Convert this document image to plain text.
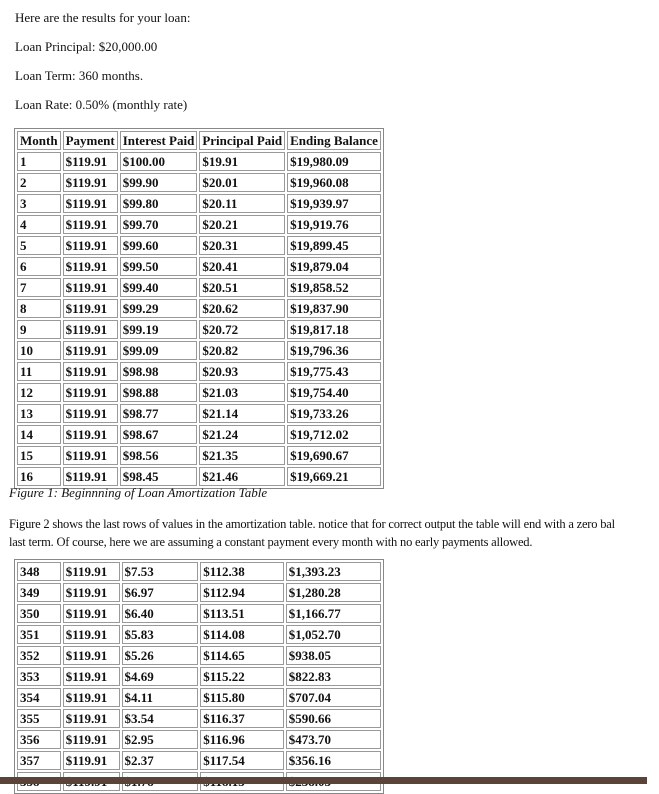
Here are the results for your loan:
Loan Principal: $20,000.00
Loan Term: 360 months.
Loan Rate: 0.50% (monthly rate)
Month	Payment	Interest Paid	Principal Paid	Ending Balance
1	$119.91	$100.00	$19.91	$19,980.09
2	$119.91	$99.90	$20.01	$19,960.08
3	$119.91	$99.80	$20.11	$19,939.97
4	$119.91	$99.70	$20.21	$19,919.76
5	$119.91	$99.60	$20.31	$19,899.45
6	$119.91	$99.50	$20.41	$19,879.04
7	$119.91	$99.40	$20.51	$19,858.52
8	$119.91	$99.29	$20.62	$19,837.90
9	$119.91	$99.19	$20.72	$19,817.18
10	$119.91	$99.09	$20.82	$19,796.36
11	$119.91	$98.98	$20.93	$19,775.43
12	$119.91	$98.88	$21.03	$19,754.40
13	$119.91	$98.77	$21.14	$19,733.26
14	$119.91	$98.67	$21.24	$19,712.02
15	$119.91	$98.56	$21.35	$19,690.67
16	$119.91	$98.45	$21.46	$19,669.21
Figure 1: Beginnning of Loan Amortization Table
Figure 2 shows the last rows of values in the amortization table. notice that for correct output the table will end with a zero bal
last term. Of course, here we are assuming a constant payment every month with no early payments allowed.
348	$119.91	$7.53	$112.38	$1,393.23
349	$119.91	$6.97	$112.94	$1,280.28
350	$119.91	$6.40	$113.51	$1,166.77
351	$119.91	$5.83	$114.08	$1,052.70
352	$119.91	$5.26	$114.65	$938.05
353	$119.91	$4.69	$115.22	$822.83
354	$119.91	$4.11	$115.80	$707.04
355	$119.91	$3.54	$116.37	$590.66
356	$119.91	$2.95	$116.96	$473.70
357	$119.91	$2.37	$117.54	$356.16
